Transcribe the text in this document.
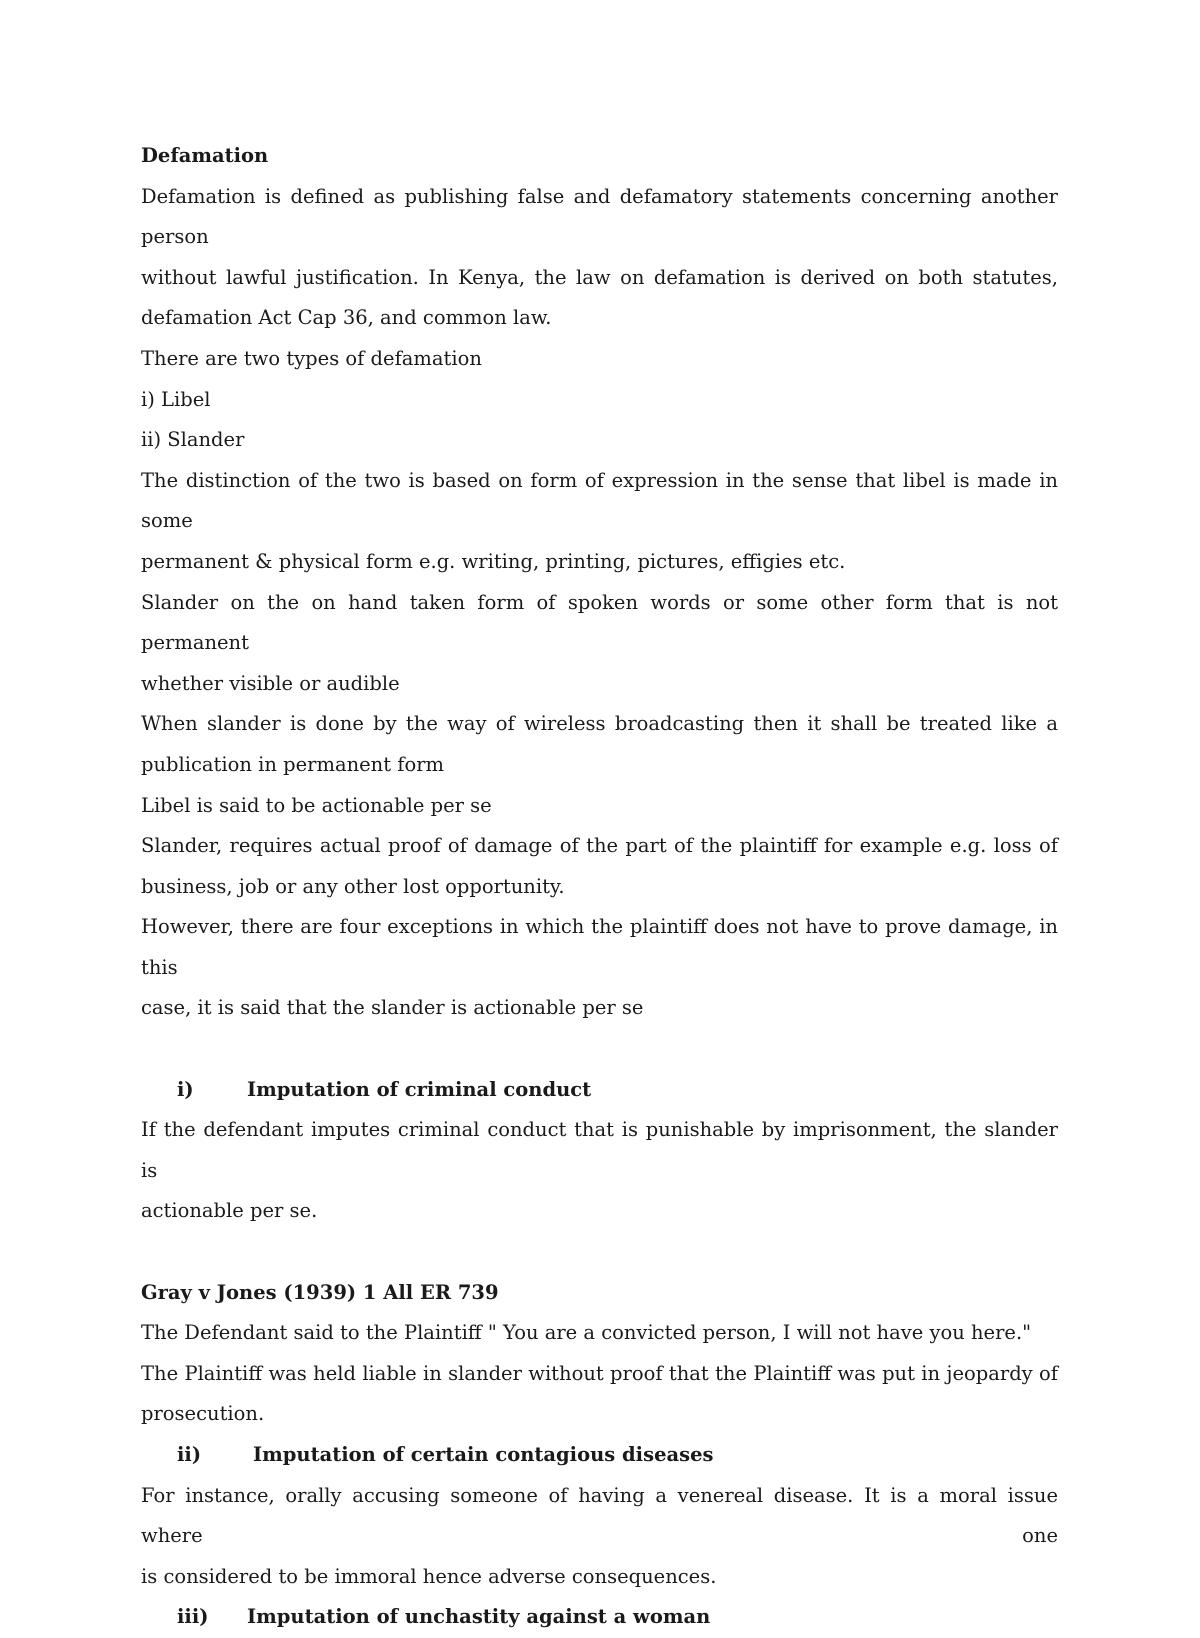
Defamation

Defamation is defined as publishing false and defamatory statements concerning another person

without lawful justification. In Kenya, the law on defamation is derived on both statutes,

defamation Act Cap 36, and common law.

There are two types of defamation

i) Libel

ii) Slander

The distinction of the two is based on form of expression in the sense that libel is made in some

permanent & physical form e.g. writing, printing, pictures, effigies etc.

Slander on the on hand taken form of spoken words or some other form that is not permanent

whether visible or audible

When slander is done by the way of wireless broadcasting then it shall be treated like a

publication in permanent form

Libel is said to be actionable per se

Slander, requires actual proof of damage of the part of the plaintiff for example e.g. loss of

business, job or any other lost opportunity.

However, there are four exceptions in which the plaintiff does not have to prove damage, in this

case, it is said that the slander is actionable per se

i)	Imputation of criminal conduct

If the defendant imputes criminal conduct that is punishable by imprisonment, the slander is

actionable per se.

Gray v Jones (1939) 1 All ER 739

The Defendant said to the Plaintiff " You are a convicted person, I will not have you here."

The Plaintiff was held liable in slander without proof that the Plaintiff was put in jeopardy of

prosecution.

ii)	Imputation of certain contagious diseases

For instance, orally accusing someone of having a venereal disease. It is a moral issue where one

is considered to be immoral hence adverse consequences.

iii)	Imputation of unchastity against a woman
